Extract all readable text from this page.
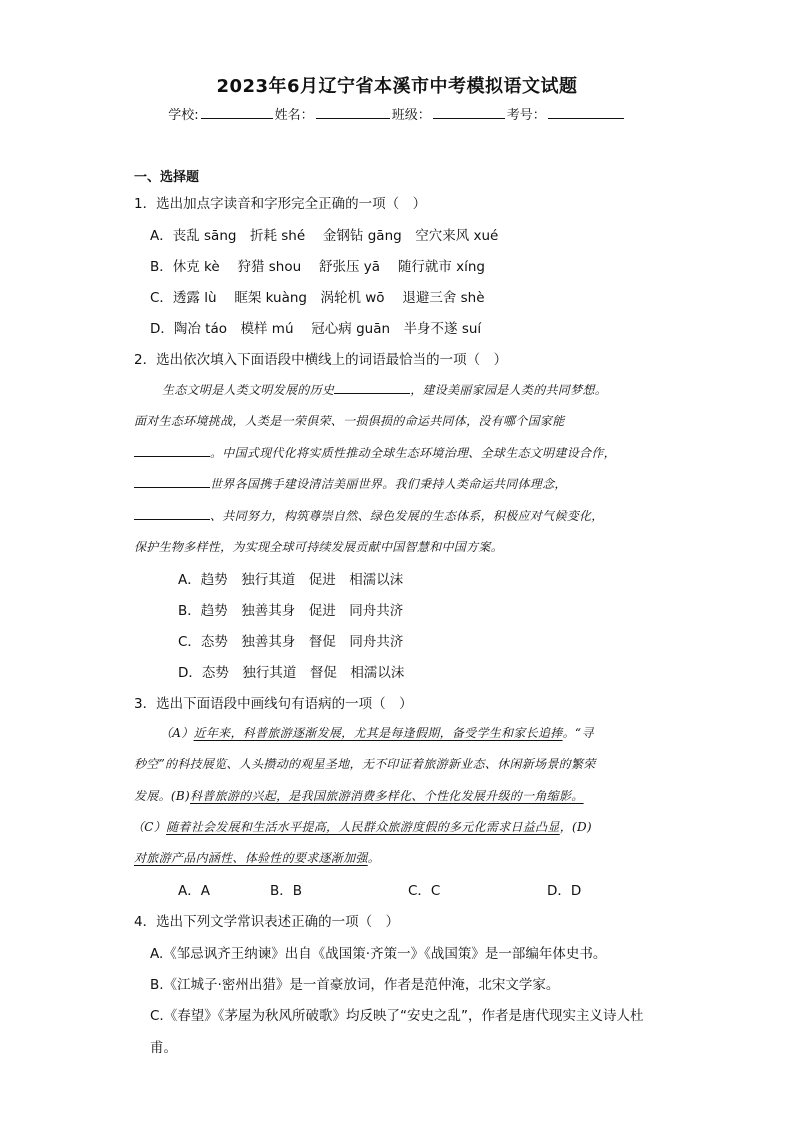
2023年6月辽宁省本溪市中考模拟语文试题
学校:	姓名：	班级：	考号：
一、选择题
1．选出加点字读音和字形完全正确的一项（　）
A．丧乱 sāng　折耗 shé　 金钢钻 gāng　空穴来风 xué
B．休克 kè　 狩猎 shou　 舒张压 yā　 随行就市 xíng
C．透露 lù　 眶架 kuàng　涡轮机 wō　 退避三舍 shè
D．陶冶 táo　模样 mú　 冠心病 guān　半身不遂 suí
2．选出依次填入下面语段中横线上的词语最恰当的一项（　）
生态文明是人类文明发展的历史	，建设美丽家园是人类的共同梦想。
面对生态环境挑战，人类是一荣俱荣、一损俱损的命运共同体，没有哪个国家能
。中国式现代化将实质性推动全球生态环境治理、全球生态文明建设合作，
世界各国携手建设清洁美丽世界。我们秉持人类命运共同体理念，
、共同努力，构筑尊崇自然、绿色发展的生态体系，积极应对气候变化，
保护生物多样性，为实现全球可持续发展贡献中国智慧和中国方案。
A．趋势　独行其道　促进　相濡以沫
B．趋势　独善其身　促进　同舟共济
C．态势　独善其身　督促　同舟共济
D．态势　独行其道　督促　相濡以沫
3．选出下面语段中画线句有语病的一项（　）
（A）近年来，科普旅游逐渐发展，尤其是每逢假期，备受学生和家长追捧。“寻
秒空”的科技展览、人头攒动的观星圣地，无不印证着旅游新业态、休闲新场景的繁荣
发展。(B)科普旅游的兴起，是我国旅游消费多样化、个性化发展升级的一角缩影。
（C）随着社会发展和生活水平提高，人民群众旅游度假的多元化需求日益凸显，(D)
对旅游产品内涵性、体验性的要求逐渐加强。
A．A	B．B	C．C	D．D
4．选出下列文学常识表述正确的一项（　）
A.《邹忌讽齐王纳谏》出自《战国策·齐策一》《战国策》是一部编年体史书。
B.《江城子·密州出猎》是一首豪放词，作者是范仲淹，北宋文学家。
C.《春望》《茅屋为秋风所破歌》均反映了“安史之乱”，作者是唐代现实主义诗人杜
甫。
